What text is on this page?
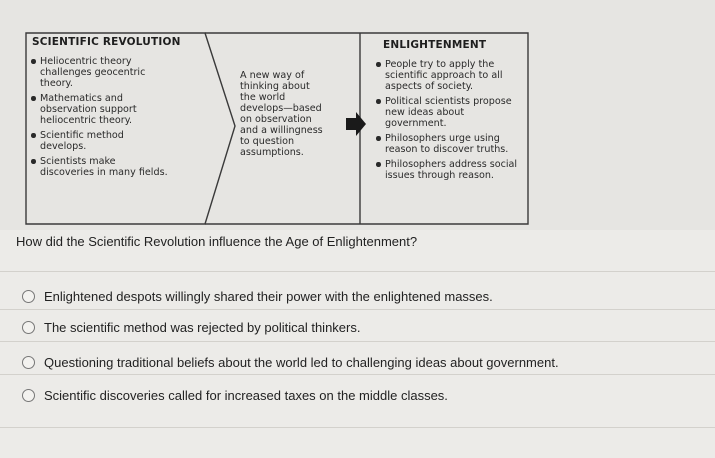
SCIENTIFIC REVOLUTION
Heliocentric theory
challenges geocentric
theory.
Mathematics and
observation support
heliocentric theory.
Scientific method
develops.
Scientists make
discoveries in many fields.
A new way of
thinking about
the world
develops—based
on observation
and a willingness
to question
assumptions.
ENLIGHTENMENT
People try to apply the
scientific approach to all
aspects of society.
Political scientists propose
new ideas about
government.
Philosophers urge using
reason to discover truths.
Philosophers address social
issues through reason.
How did the Scientific Revolution influence the Age of Enlightenment?
Enlightened despots willingly shared their power with the enlightened masses.
The scientific method was rejected by political thinkers.
Questioning traditional beliefs about the world led to challenging ideas about government.
Scientific discoveries called for increased taxes on the middle classes.
